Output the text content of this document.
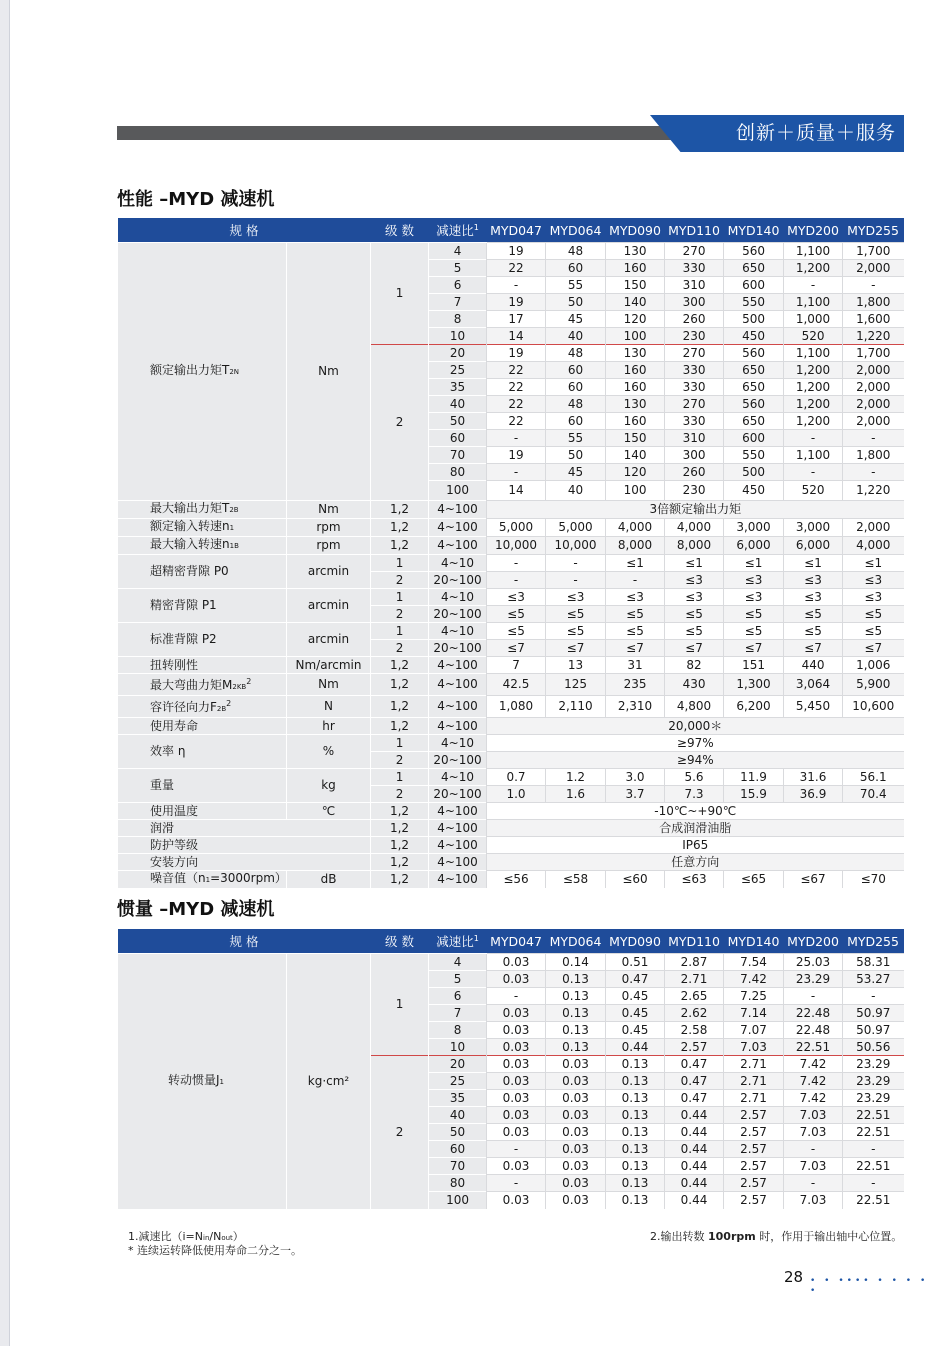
创新＋质量＋服务
性能 –MYD 减速机
规 格		级 数	减速比$^1$	MYD047	MYD064	MYD090	MYD110	MYD140	MYD200	MYD255
额定输出力矩T2N	Nm	1	4	19	48	130	270	560	1,100	1,700
			5	22	60	160	330	650	1,200	2,000
			6	-	55	150	310	600	-	-
			7	19	50	140	300	550	1,100	1,800
			8	17	45	120	260	500	1,000	1,600
			10	14	40	100	230	450	520	1,220
		2	20	19	48	130	270	560	1,100	1,700
			25	22	60	160	330	650	1,200	2,000
			35	22	60	160	330	650	1,200	2,000
			40	22	48	130	270	560	1,200	2,000
			50	22	60	160	330	650	1,200	2,000
			60	-	55	150	310	600	-	-
			70	19	50	140	300	550	1,100	1,800
			80	-	45	120	260	500	-	-
			100	14	40	100	230	450	520	1,220
最大输出力矩T2B	Nm	1,2	4~100	3倍额定输出力矩						
额定输入转速n1	rpm	1,2	4~100	5,000	5,000	4,000	4,000	3,000	3,000	2,000
最大输入转速n1B	rpm	1,2	4~100	10,000	10,000	8,000	8,000	6,000	6,000	4,000
超精密背隙 P0	arcmin	1	4~10	-	-	≤1	≤1	≤1	≤1	≤1
		2	20~100	-	-	-	≤3	≤3	≤3	≤3
精密背隙 P1	arcmin	1	4~10	≤3	≤3	≤3	≤3	≤3	≤3	≤3
		2	20~100	≤5	≤5	≤5	≤5	≤5	≤5	≤5
标准背隙 P2	arcmin	1	4~10	≤5	≤5	≤5	≤5	≤5	≤5	≤5
		2	20~100	≤7	≤7	≤7	≤7	≤7	≤7	≤7
扭转刚性	Nm/arcmin	1,2	4~100	7	13	31	82	151	440	1,006
最大弯曲力矩$M2KB^2$	Nm	1,2	4~100	42.5	125	235	430	1,300	3,064	5,900
容许径向力$F2B^2$	N	1,2	4~100	1,080	2,110	2,310	4,800	6,200	5,450	10,600
使用寿命	hr	1,2	4~100	20,000＊						
效率 η	%	1	4~10	≥97%						
		2	20~100	≥94%						
重量	kg	1	4~10	0.7	1.2	3.0	5.6	11.9	31.6	56.1
		2	20~100	1.0	1.6	3.7	7.3	15.9	36.9	70.4
使用温度	℃	1,2	4~100	-10℃~+90℃						
润滑		1,2	4~100	合成润滑油脂						
防护等级		1,2	4~100	IP65						
安装方向		1,2	4~100	任意方向						
噪音值（n1=3000rpm）	dB	1,2	4~100	≤56	≤58	≤60	≤63	≤65	≤67	≤70
惯量 –MYD 减速机
规 格		级 数	减速比$^1$	MYD047	MYD064	MYD090	MYD110	MYD140	MYD200	MYD255
转动惯量J1	kg·cm²	1	4	0.03	0.14	0.51	2.87	7.54	25.03	58.31
			5	0.03	0.13	0.47	2.71	7.42	23.29	53.27
			6	-	0.13	0.45	2.65	7.25	-	-
			7	0.03	0.13	0.45	2.62	7.14	22.48	50.97
			8	0.03	0.13	0.45	2.58	7.07	22.48	50.97
			10	0.03	0.13	0.44	2.57	7.03	22.51	50.56
		2	20	0.03	0.03	0.13	0.47	2.71	7.42	23.29
			25	0.03	0.03	0.13	0.47	2.71	7.42	23.29
			35	0.03	0.03	0.13	0.47	2.71	7.42	23.29
			40	0.03	0.03	0.13	0.44	2.57	7.03	22.51
			50	0.03	0.03	0.13	0.44	2.57	7.03	22.51
			60	-	0.03	0.13	0.44	2.57	-	-
			70	0.03	0.03	0.13	0.44	2.57	7.03	22.51
			80	-	0.03	0.13	0.44	2.57	-	-
			100	0.03	0.03	0.13	0.44	2.57	7.03	22.51
1.减速比（i=Nin/Nout）
* 连续运转降低使用寿命二分之一。
2.输出转数 100rpm 时，作用于输出轴中心位置。
28 • • •••• • • • • •
